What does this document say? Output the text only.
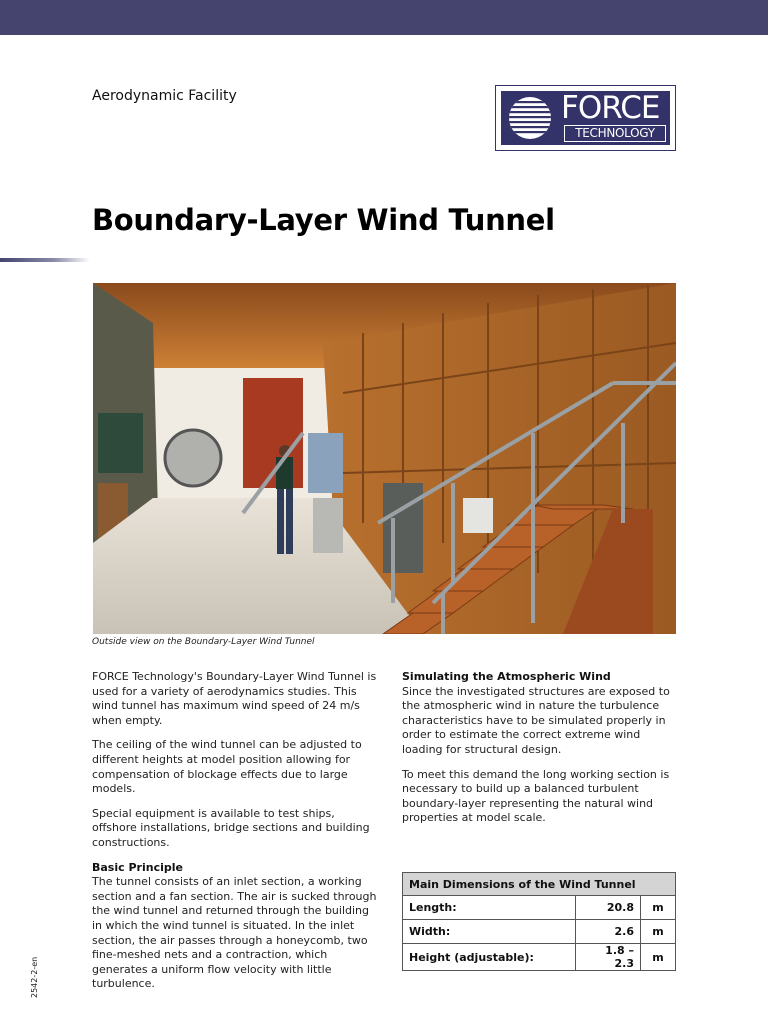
Aerodynamic Facility	FORCE
TECHNOLOGY
Boundary-Layer Wind Tunnel
Outside view on the Boundary-Layer Wind Tunnel

FORCE Technology's Boundary-Layer Wind Tunnel is used for a variety of aerodynamics studies. This wind tunnel has maximum wind speed of 24 m/s when empty.

The ceiling of the wind tunnel can be adjusted to different heights at model position allowing for compensation of blockage effects due to large models.

Special equipment is available to test ships, offshore installations, bridge sections and building constructions.

Basic Principle

The tunnel consists of an inlet section, a working section and a fan section. The air is sucked through the wind tunnel and returned through the building in which the wind tunnel is situated. In the inlet section, the air passes through a honeycomb, two fine-meshed nets and a contraction, which generates a uniform flow velocity with little turbulence.

Simulating the Atmospheric Wind

Since the investigated structures are exposed to the atmospheric wind in nature the turbulence characteristics have to be simulated properly in order to estimate the correct extreme wind loading for structural design.

To meet this demand the long working section is necessary to build up a balanced turbulent boundary-layer representing the natural wind properties at model scale.

Main Dimensions of the Wind Tunnel		
Length:	20.8	m
Width:	2.6	m
Height (adjustable):	1.8 – 2.3	m
2542-2-en
